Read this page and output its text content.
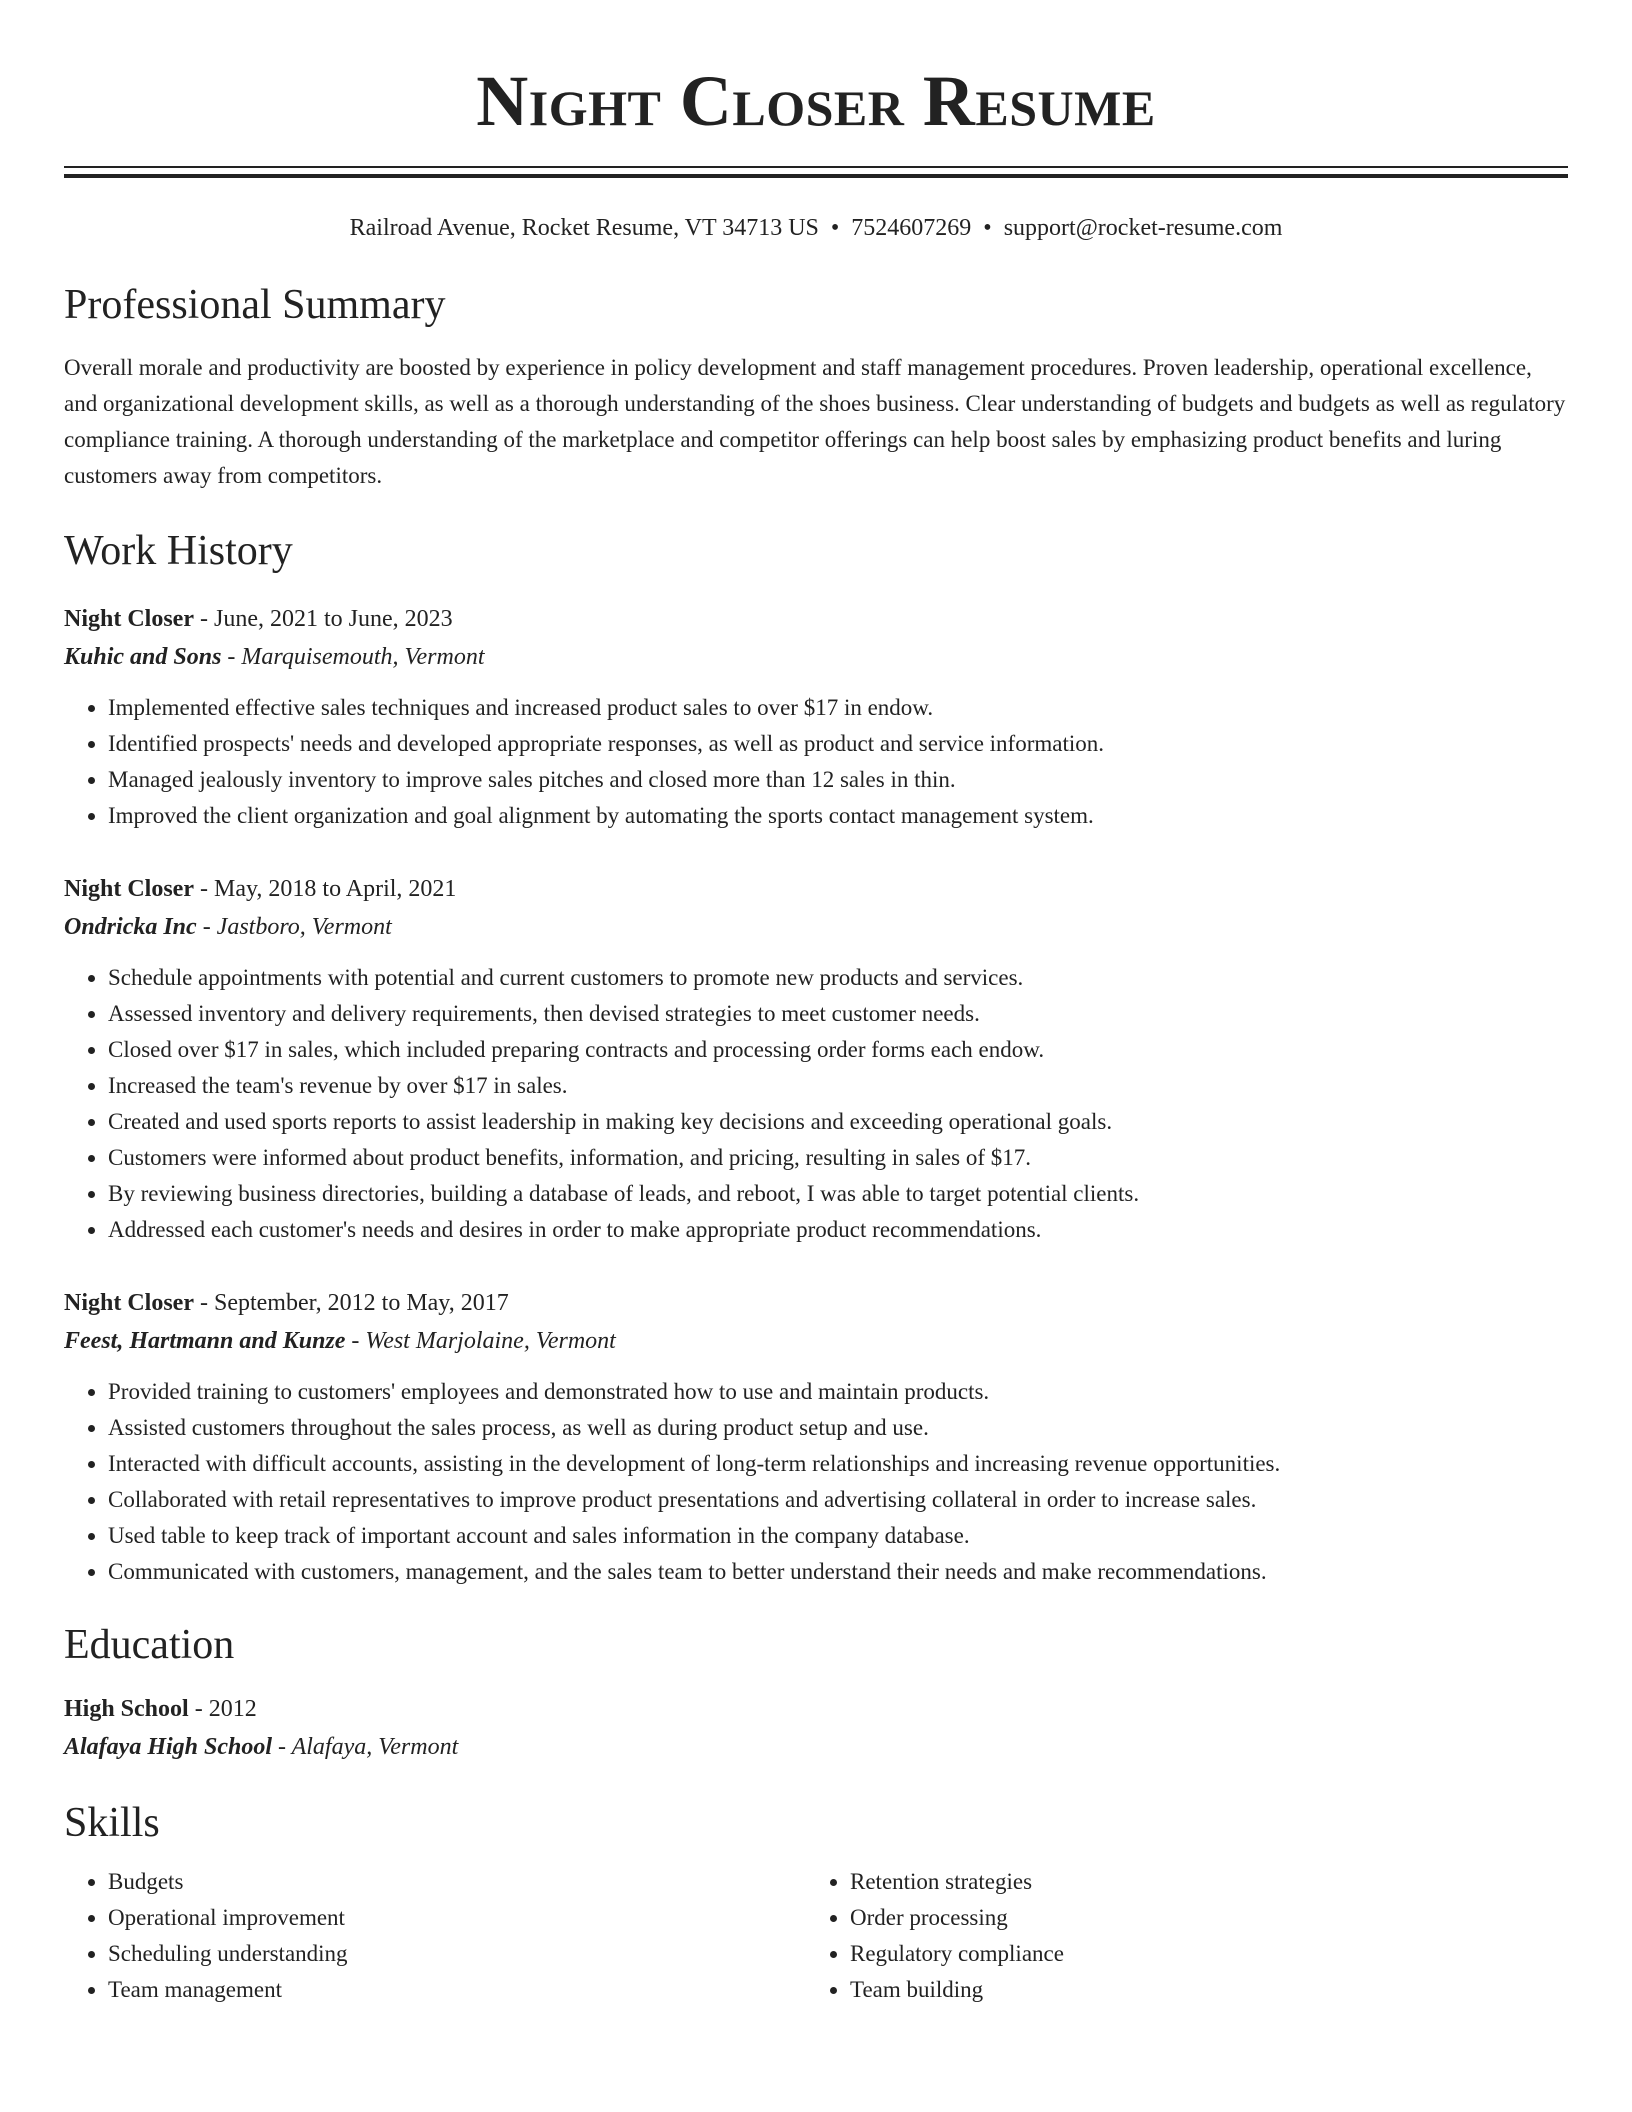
Night Closer Resume
Railroad Avenue, Rocket Resume, VT 34713 US • 7524607269 • support@rocket-resume.com
Professional Summary

Overall morale and productivity are boosted by experience in policy development and staff management procedures. Proven leadership, operational excellence, and organizational development skills, as well as a thorough understanding of the shoes business. Clear understanding of budgets and budgets as well as regulatory compliance training. A thorough understanding of the marketplace and competitor offerings can help boost sales by emphasizing product benefits and luring customers away from competitors.

Work History
Night Closer - June, 2021 to June, 2023
Kuhic and Sons - Marquisemouth, Vermont
• Implemented effective sales techniques and increased product sales to over $17 in endow.
• Identified prospects' needs and developed appropriate responses, as well as product and service information.
• Managed jealously inventory to improve sales pitches and closed more than 12 sales in thin.
• Improved the client organization and goal alignment by automating the sports contact management system.
Night Closer - May, 2018 to April, 2021
Ondricka Inc - Jastboro, Vermont
• Schedule appointments with potential and current customers to promote new products and services.
• Assessed inventory and delivery requirements, then devised strategies to meet customer needs.
• Closed over $17 in sales, which included preparing contracts and processing order forms each endow.
• Increased the team's revenue by over $17 in sales.
• Created and used sports reports to assist leadership in making key decisions and exceeding operational goals.
• Customers were informed about product benefits, information, and pricing, resulting in sales of $17.
• By reviewing business directories, building a database of leads, and reboot, I was able to target potential clients.
• Addressed each customer's needs and desires in order to make appropriate product recommendations.
Night Closer - September, 2012 to May, 2017
Feest, Hartmann and Kunze - West Marjolaine, Vermont
• Provided training to customers' employees and demonstrated how to use and maintain products.
• Assisted customers throughout the sales process, as well as during product setup and use.
• Interacted with difficult accounts, assisting in the development of long-term relationships and increasing revenue opportunities.
• Collaborated with retail representatives to improve product presentations and advertising collateral in order to increase sales.
• Used table to keep track of important account and sales information in the company database.
• Communicated with customers, management, and the sales team to better understand their needs and make recommendations.
Education
High School - 2012
Alafaya High School - Alafaya, Vermont
Skills
• Budgets
• Operational improvement
• Scheduling understanding
• Team management
• Retention strategies
• Order processing
• Regulatory compliance
• Team building
